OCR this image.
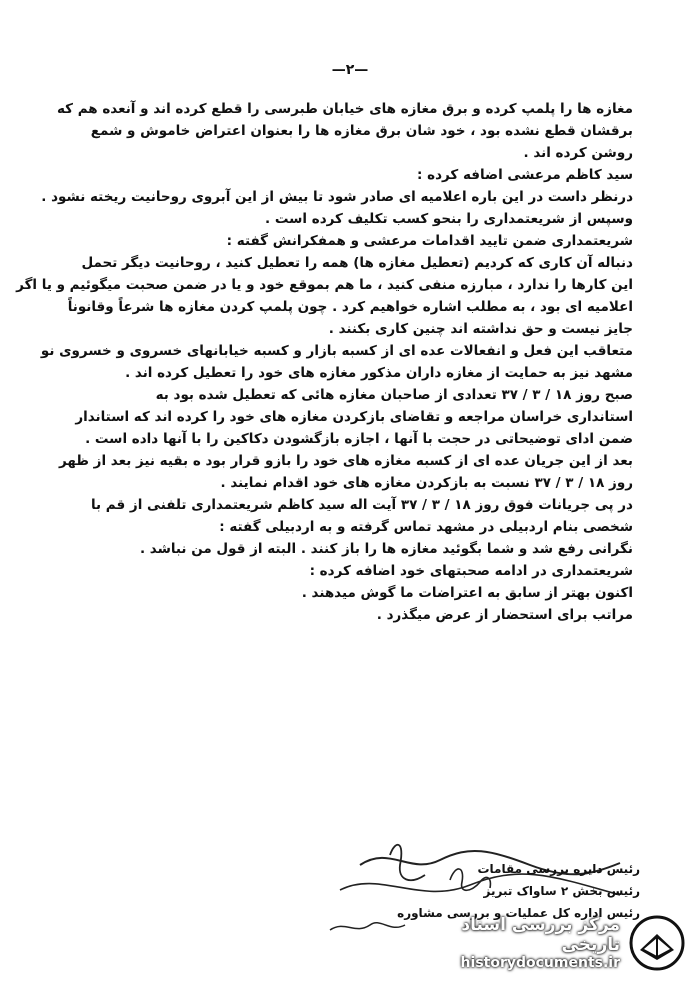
—۲—
مغازه ها را پلمپ کرده و برق مغازه های خیابان طبرسی را قطع کرده اند و آنعده هم که
برقشان قطع نشده بود ، خود شان برق مغازه ها را بعنوان اعتراض خاموش و شمع
روشن کرده اند .
سید کاظم مرعشی اضافه کرده :
درنظر داست در این باره اعلامیه ای صادر شود تا بیش از این آبروی روحانیت ریخته نشود .
وسپس از شریعتمداری را بنحو کسب تکلیف کرده است .
شریعتمداری ضمن تایید اقدامات مرعشی و همفکرانش گفته :
دنباله آن کاری که کردیم (تعطیل مغازه ها) همه را تعطیل کنید ، روحانیت دیگر تحمل
این کارها را ندارد ، مبارزه منفی کنید ، ما هم بموقع خود و یا در ضمن صحبت میگوئیم و یا اگر
اعلامیه ای بود ، به مطلب اشاره خواهیم کرد . چون پلمپ کردن مغازه ها شرعاً وقانوناً
جایز نیست و حق نداشته اند چنین کاری بکنند .
متعاقب این فعل و انفعالات عده ای از کسبه بازار و کسبه خیابانهای خسروی و خسروی نو
مشهد نیز به حمایت از مغازه داران مذکور مغازه های خود را تعطیل کرده اند .
صبح روز ۱۸ / ۳ / ۳۷ تعدادی از صاحبان مغازه هائی که تعطیل شده بود به
استانداری خراسان مراجعه و تقاضای بازکردن مغازه های خود را کرده اند که استاندار
ضمن ادای توضیحاتی در حجت با آنها ، اجازه بازگشودن دکاکین را با آنها داده است .
بعد از این جریان عده ای از کسبه مغازه های خود را بازو قرار بود ه بقیه نیز بعد از ظهر
روز ۱۸ / ۳ / ۳۷ نسبت به بازکردن مغازه های خود اقدام نمایند .
در پی جریانات فوق روز ۱۸ / ۳ / ۳۷ آیت اله سید کاظم شریعتمداری تلفنی از قم با
شخصی بنام اردبیلی در مشهد تماس گرفته و به اردبیلی گفته :
نگرانی رفع شد و شما بگوئید مغازه ها را باز کنند . البته از قول من نباشد .
شریعتمداری در ادامه صحبتهای خود اضافه کرده :
اکنون بهتر از سابق به اعتراضات ما گوش میدهند .
مراتب برای استحضار از عرض میگذرد .
رئیس دایره بررسی مقامات
رئیس بخش ۲ ساواک تبریز
رئیس اداره کل عملیات و بررسی مشاوره
مرکز بررسی اسناد تاریخی
historydocuments.ir
